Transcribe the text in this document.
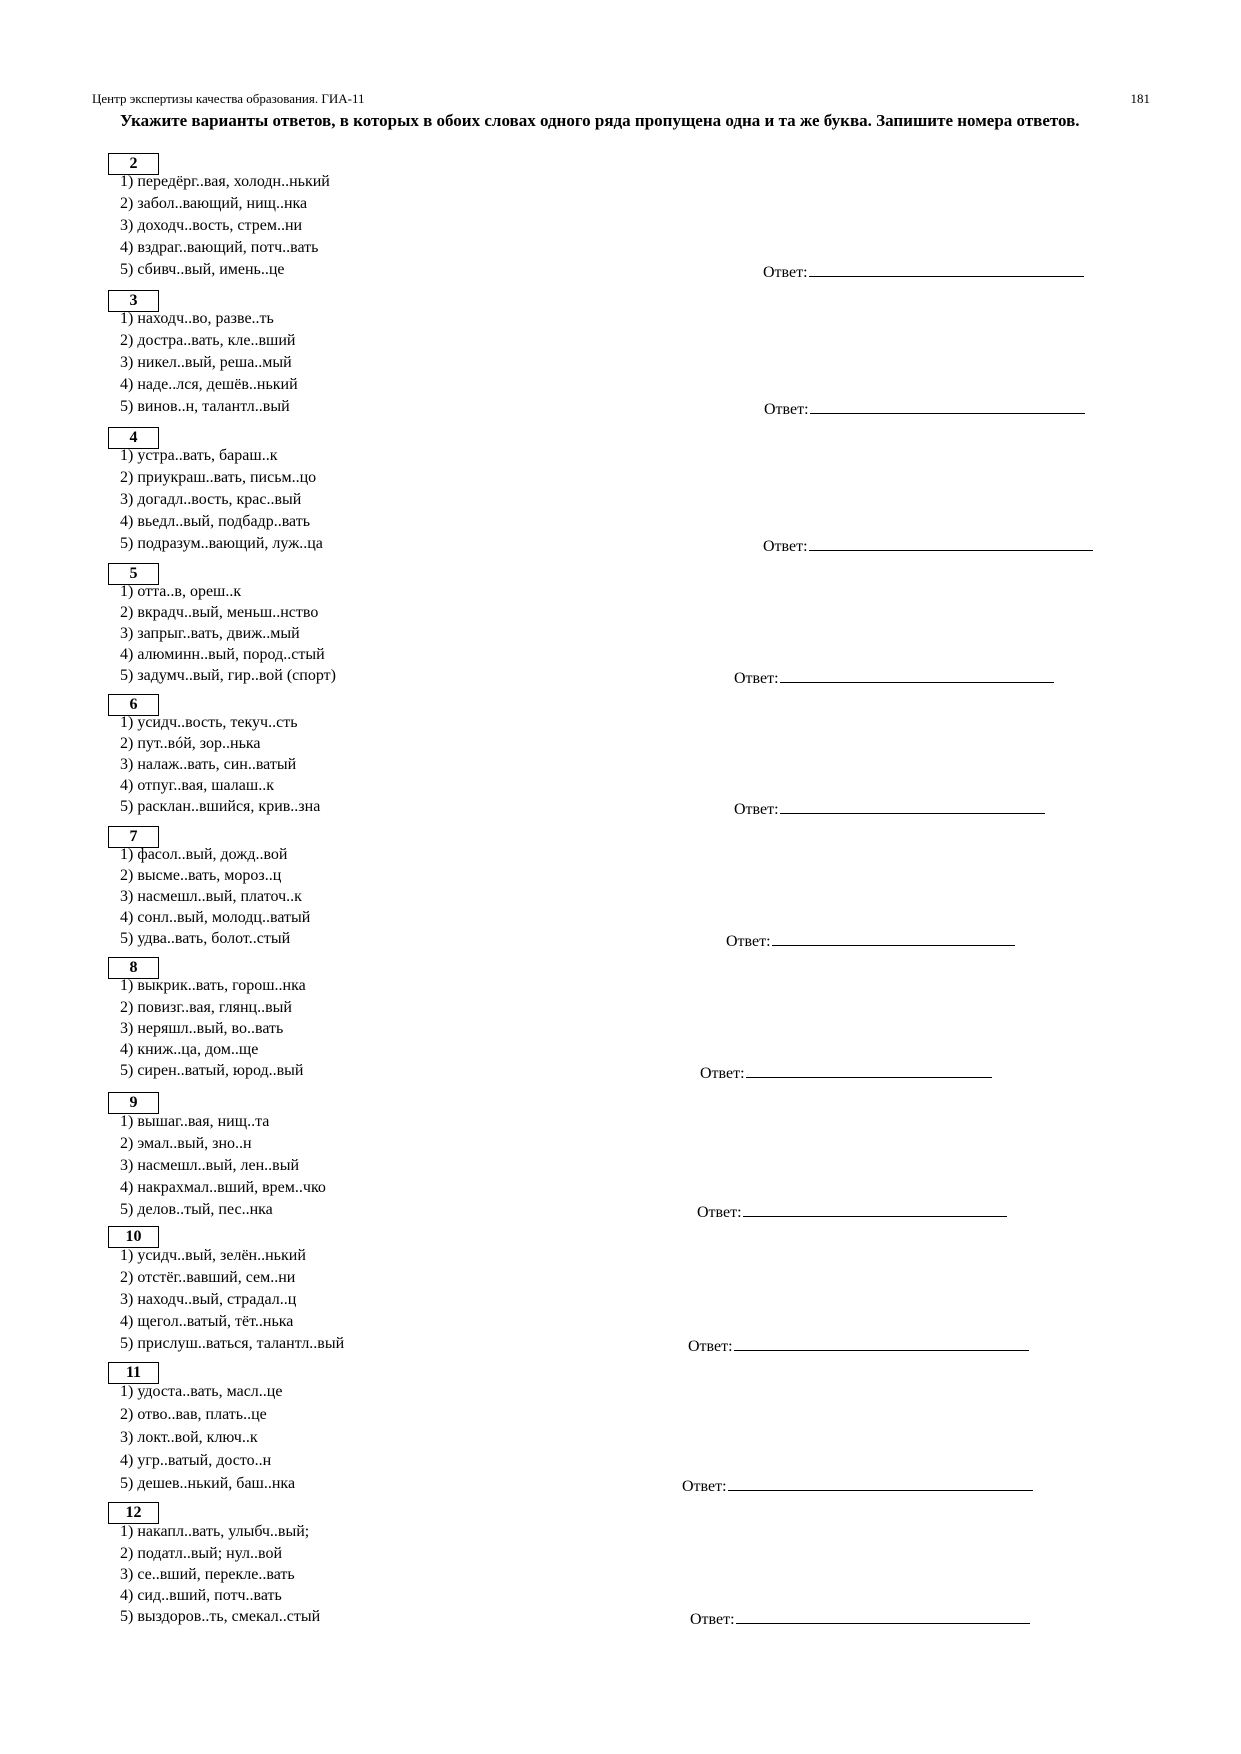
Центр экспертизы качества образования. ГИА-11	181
Укажите варианты ответов, в которых в обоих словах одного ряда пропущена одна и та же буква. Запишите номера ответов.
2
1) передёрг..вая, холодн..нький
2) забол..вающий, нищ..нка
3) доходч..вость, стрем..ни
4) вздраг..вающий, потч..вать
5) сбивч..вый, имень..це	Ответ:
3
1) находч..во, разве..ть
2) достра..вать, кле..вший
3) никел..вый, реша..мый
4) наде..лся, дешёв..нький
5) винов..н, талантл..вый	Ответ:
4
1) устра..вать, бараш..к
2) приукраш..вать, письм..цо
3) догадл..вость, крас..вый
4) вьедл..вый, подбадр..вать
5) подразум..вающий, луж..ца	Ответ:
5
1) отта..в, ореш..к
2) вкрадч..вый, меньш..нство
3) запрыг..вать, движ..мый
4) алюминн..вый, пород..стый
5) задумч..вый, гир..вой (спорт)	Ответ:
6
1) усидч..вость, текуч..сть
2) пут..вóй, зор..нька
3) налаж..вать, син..ватый
4) отпуг..вая, шалаш..к
5) расклан..вшийся, крив..зна	Ответ:
7
1) фасол..вый, дожд..вой
2) высме..вать, мороз..ц
3) насмешл..вый, платоч..к
4) сонл..вый, молодц..ватый
5) удва..вать, болот..стый	Ответ:
8
1) выкрик..вать, горош..нка
2) повизг..вая, глянц..вый
3) неряшл..вый, во..вать
4) книж..ца, дом..ще
5) сирен..ватый, юрод..вый	Ответ:
9
1) вышаг..вая, нищ..та
2) эмал..вый, зно..н
3) насмешл..вый, лен..вый
4) накрахмал..вший, врем..чко
5) делов..тый, пес..нка	Ответ:
10
1) усидч..вый, зелён..нький
2) отстёг..вавший, сем..ни
3) находч..вый, страдал..ц
4) щегол..ватый, тёт..нька
5) прислуш..ваться, талантл..вый	Ответ:
11
1) удоста..вать, масл..це
2) отво..вав, плать..це
3) локт..вой, ключ..к
4) угр..ватый, досто..н
5) дешев..нький, баш..нка	Ответ:
12
1) накапл..вать, улыбч..вый;
2) податл..вый; нул..вой
3) се..вший, перекле..вать
4) сид..вший, потч..вать
5) выздоров..ть, смекал..стый	Ответ:
